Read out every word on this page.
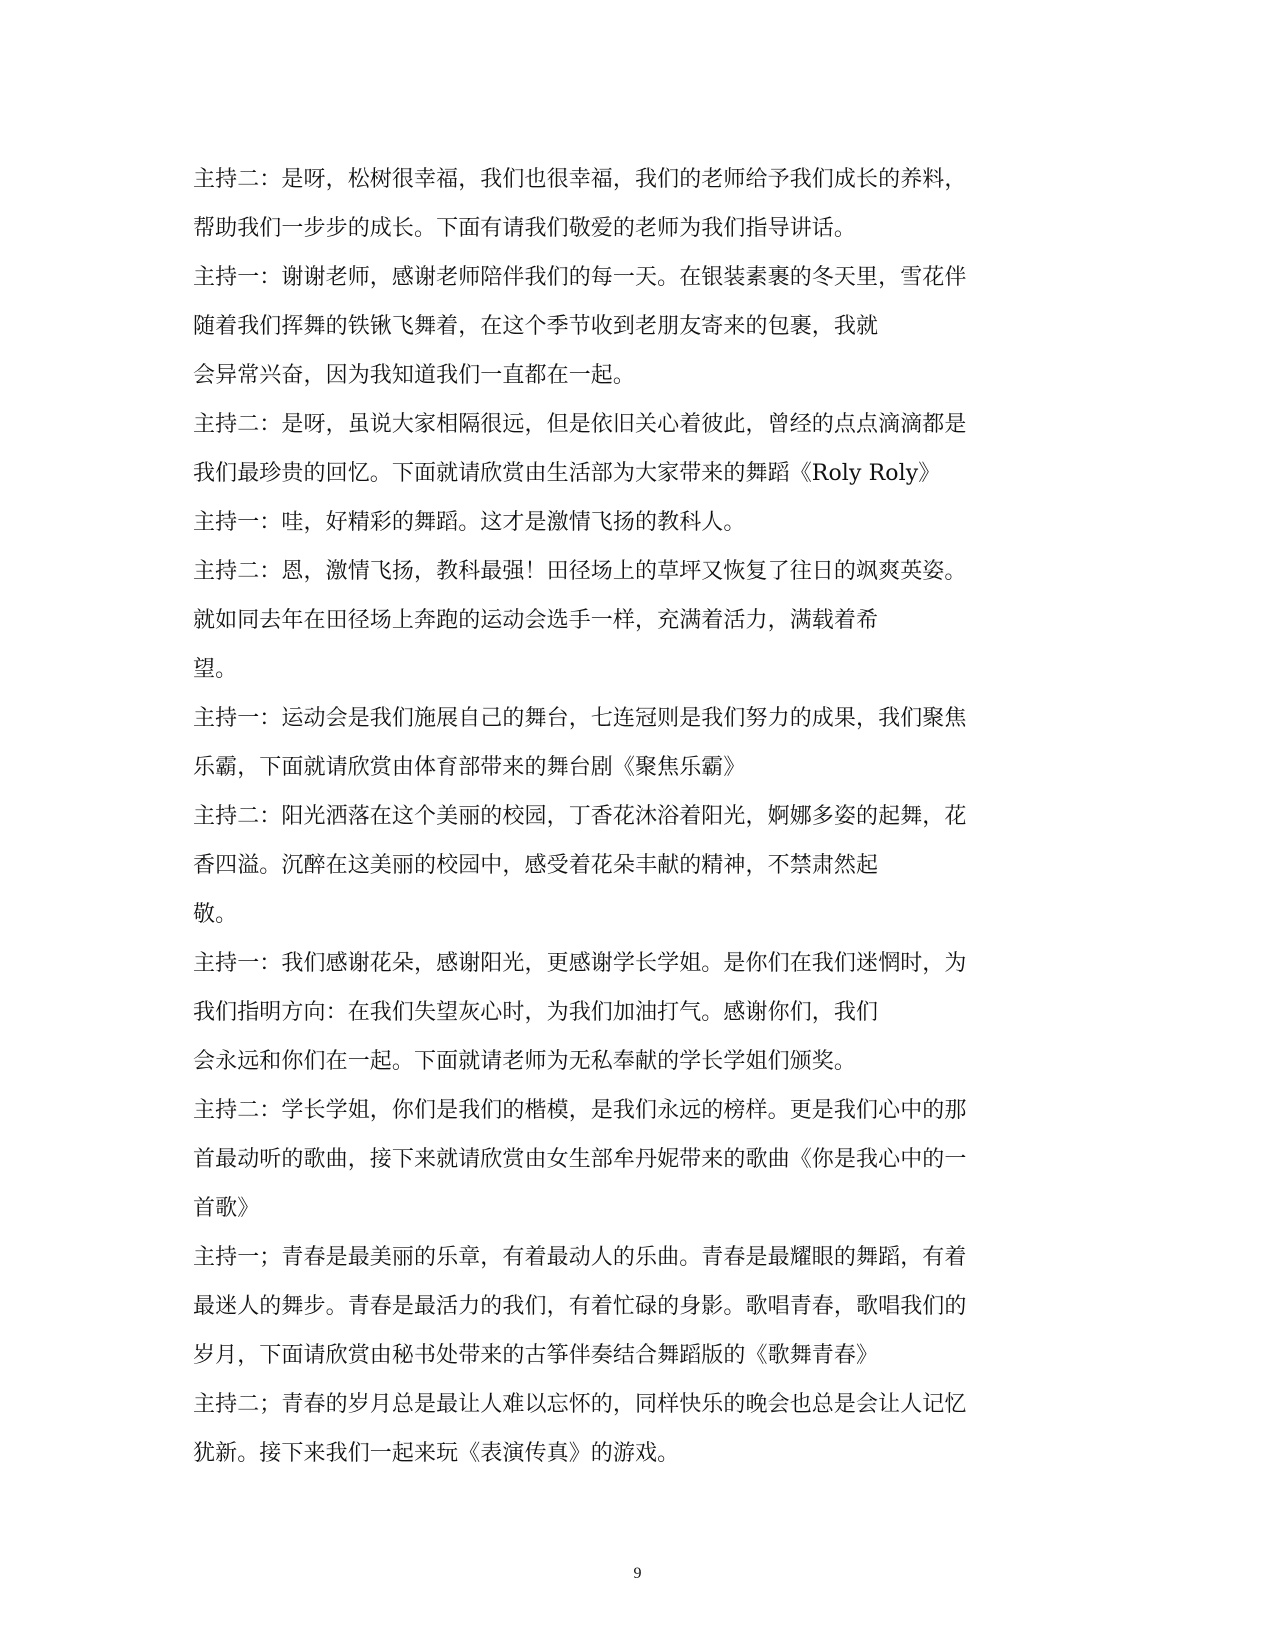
主持二：是呀，松树很幸福，我们也很幸福，我们的老师给予我们成长的养料，
帮助我们一步步的成长。下面有请我们敬爱的老师为我们指导讲话。
主持一：谢谢老师，感谢老师陪伴我们的每一天。在银装素裹的冬天里，雪花伴
随着我们挥舞的铁锹飞舞着，在这个季节收到老朋友寄来的包裹，我就
会异常兴奋，因为我知道我们一直都在一起。
主持二：是呀，虽说大家相隔很远，但是依旧关心着彼此，曾经的点点滴滴都是
我们最珍贵的回忆。下面就请欣赏由生活部为大家带来的舞蹈《Roly Roly》
主持一：哇，好精彩的舞蹈。这才是激情飞扬的教科人。
主持二：恩，激情飞扬，教科最强！田径场上的草坪又恢复了往日的飒爽英姿。
就如同去年在田径场上奔跑的运动会选手一样，充满着活力，满载着希
望。
主持一：运动会是我们施展自己的舞台，七连冠则是我们努力的成果，我们聚焦
乐霸，下面就请欣赏由体育部带来的舞台剧《聚焦乐霸》
主持二：阳光洒落在这个美丽的校园，丁香花沐浴着阳光，婀娜多姿的起舞，花
香四溢。沉醉在这美丽的校园中，感受着花朵丰献的精神，不禁肃然起
敬。
主持一：我们感谢花朵，感谢阳光，更感谢学长学姐。是你们在我们迷惘时，为
我们指明方向：在我们失望灰心时，为我们加油打气。感谢你们，我们
会永远和你们在一起。下面就请老师为无私奉献的学长学姐们颁奖。
主持二：学长学姐，你们是我们的楷模，是我们永远的榜样。更是我们心中的那
首最动听的歌曲，接下来就请欣赏由女生部牟丹妮带来的歌曲《你是我心中的一
首歌》
主持一；青春是最美丽的乐章，有着最动人的乐曲。青春是最耀眼的舞蹈，有着
最迷人的舞步。青春是最活力的我们，有着忙碌的身影。歌唱青春，歌唱我们的
岁月，下面请欣赏由秘书处带来的古筝伴奏结合舞蹈版的《歌舞青春》
主持二；青春的岁月总是最让人难以忘怀的，同样快乐的晚会也总是会让人记忆
犹新。接下来我们一起来玩《表演传真》的游戏。
9
